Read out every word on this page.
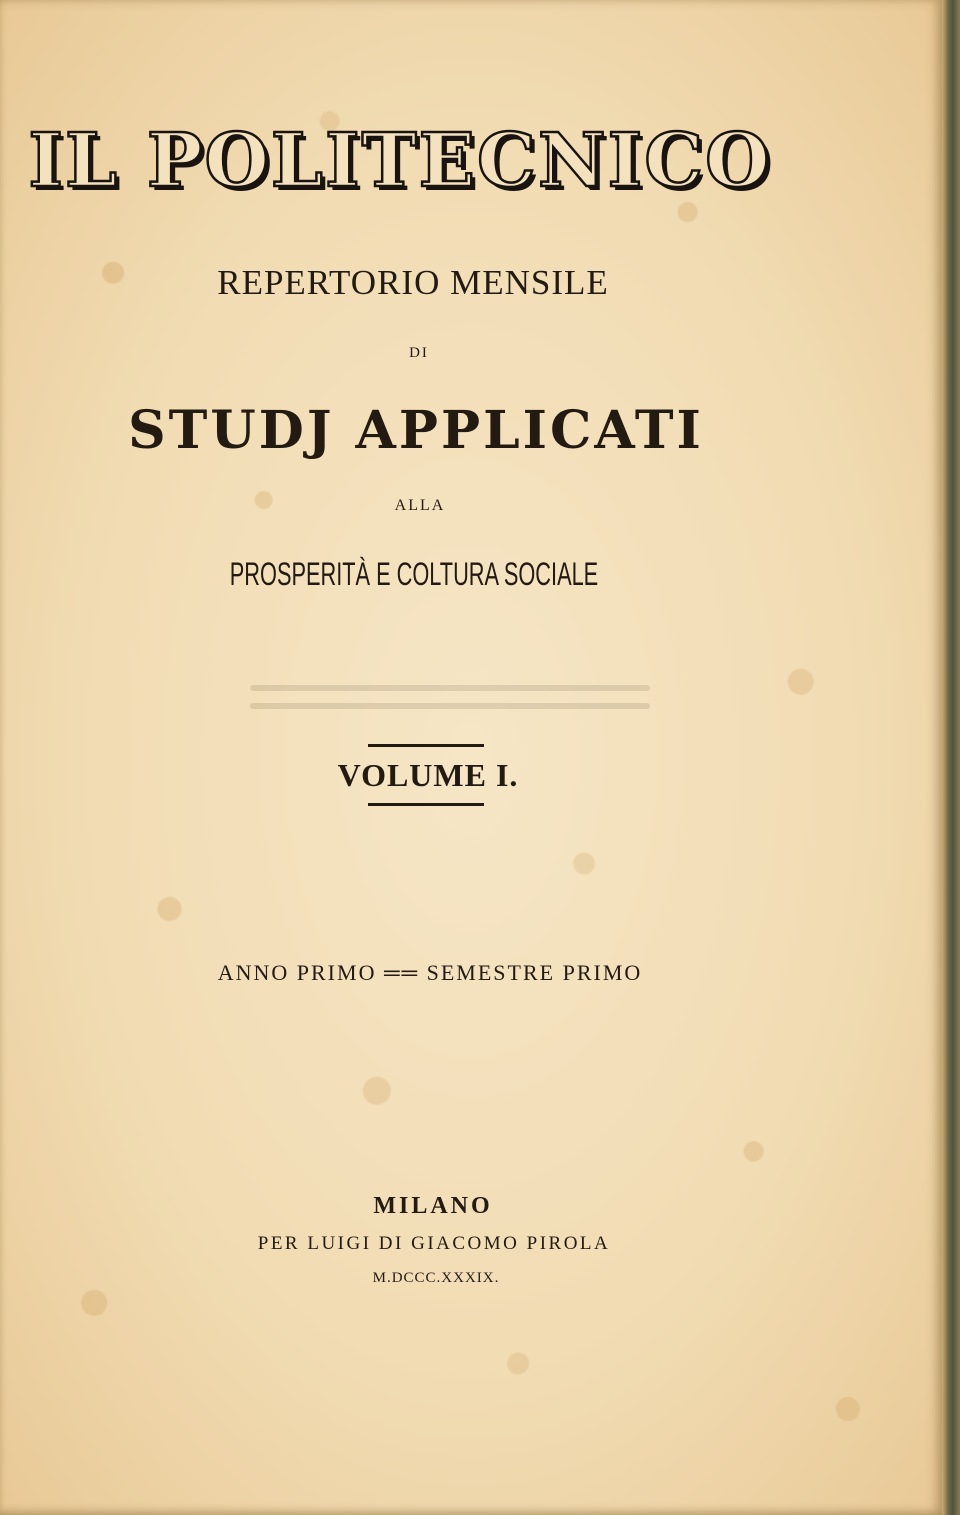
IL POLITECNICO
REPERTORIO MENSILE
DI
STUDJ APPLICATI
ALLA
PROSPERITÀ E COLTURA SOCIALE
VOLUME I.
ANNO PRIMO ══ SEMESTRE PRIMO
MILANO
PER LUIGI DI GIACOMO PIROLA
M.DCCC.XXXIX.
